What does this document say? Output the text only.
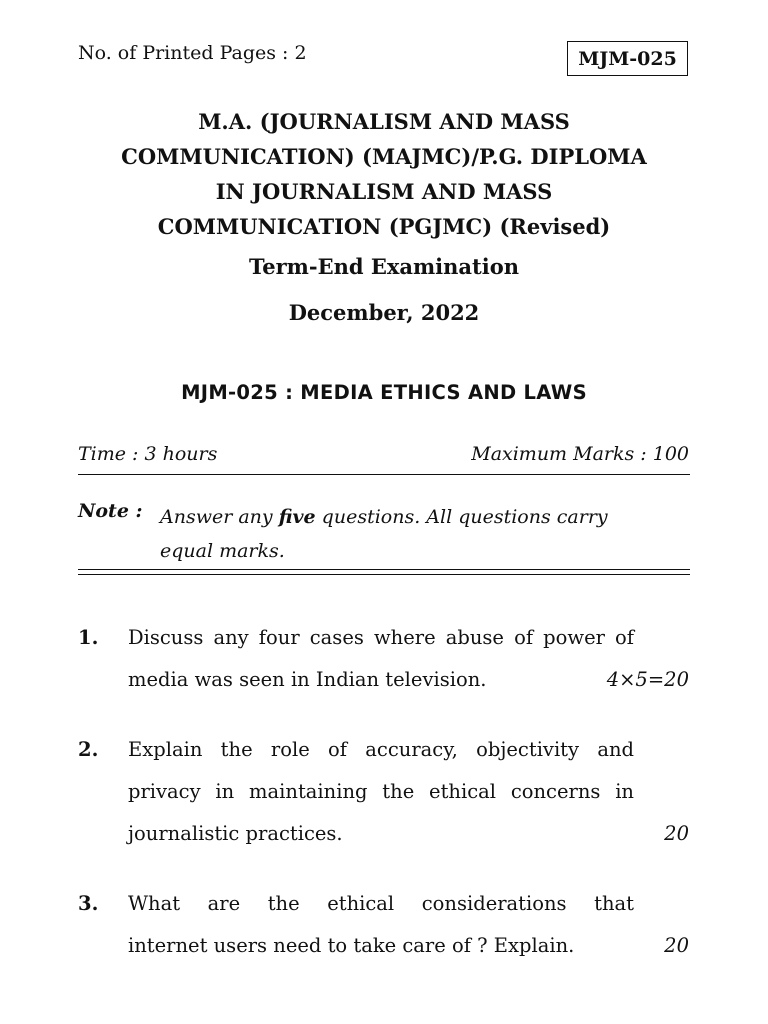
No. of Printed Pages : 2	MJM-025
M.A. (JOURNALISM AND MASS
COMMUNICATION) (MAJMC)/P.G. DIPLOMA
IN JOURNALISM AND MASS
COMMUNICATION (PGJMC) (Revised)
Term-End Examination
December, 2022
MJM-025 : MEDIA ETHICS AND LAWS
Time : 3 hours	Maximum Marks : 100
Note : Answer any five questions. All questions carry
equal marks.
1. Discuss any four cases where abuse of power of
media was seen in Indian television.	4×5=20
2. Explain the role of accuracy, objectivity and
privacy in maintaining the ethical concerns in
journalistic practices.	20
3. What are the ethical considerations that
internet users need to take care of ? Explain.	20
